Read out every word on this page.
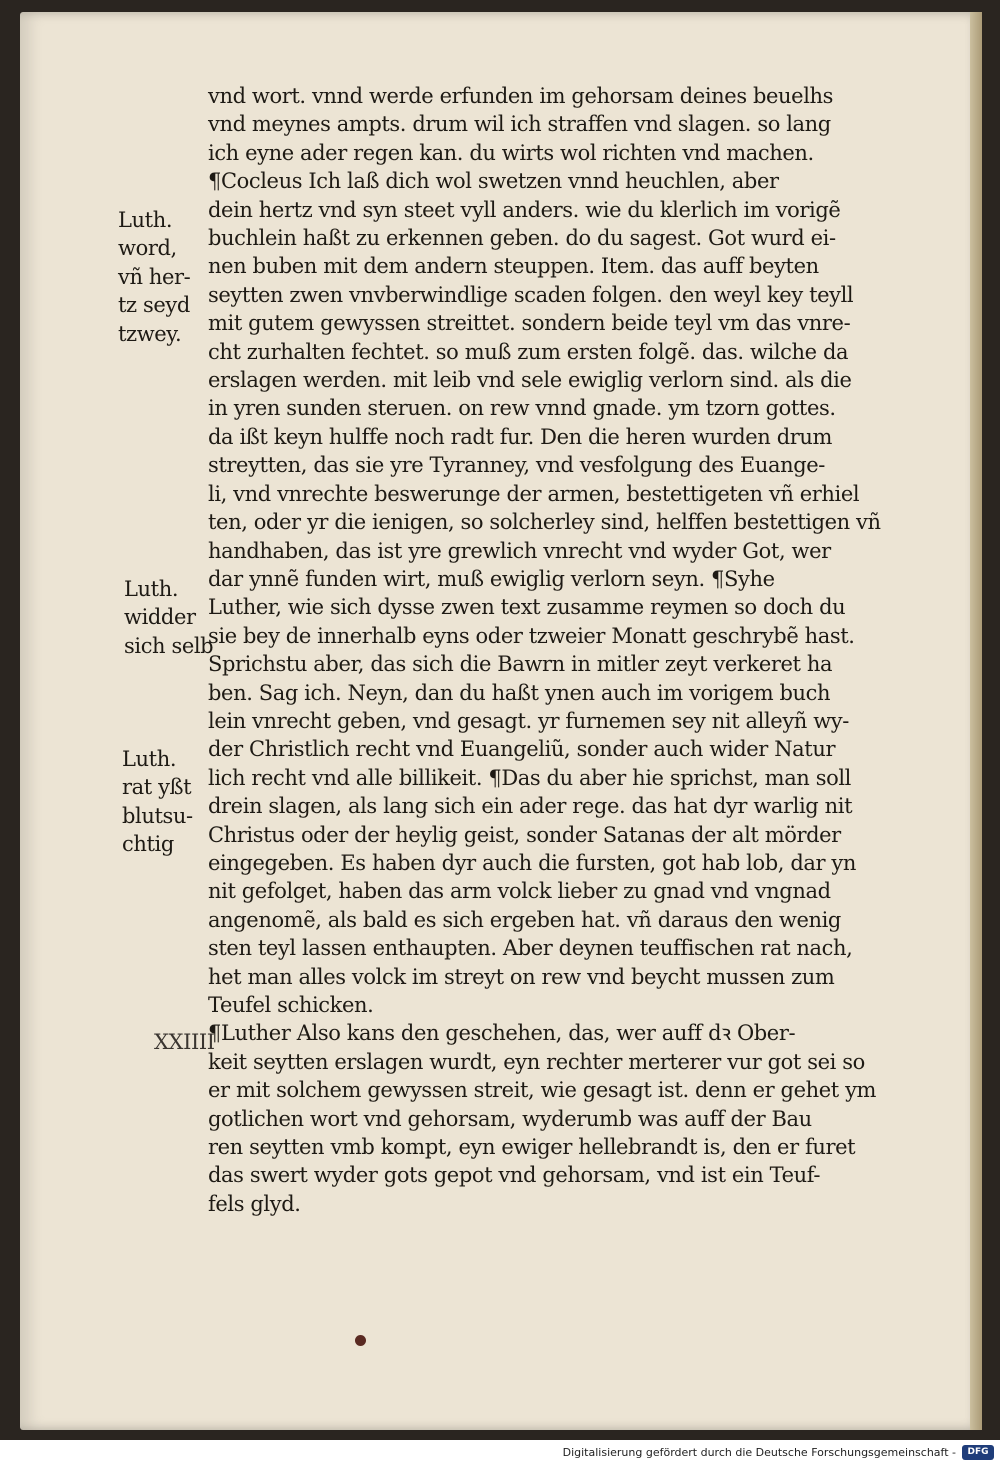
vnd wort. vnnd werde erfunden im gehorsam deines beuelhs
vnd meynes ampts. drum wil ich straffen vnd slagen. so lang
ich eyne ader regen kan. du wirts wol richten vnd machen.
¶Cocleus Ich laß dich wol swetzen vnnd heuchlen, aber
dein hertz vnd syn steet vyll anders. wie du klerlich im vorigẽ
buchlein haßt zu erkennen geben. do du sagest. Got wurd ei-
nen buben mit dem andern steuppen. Item. das auff beyten
seytten zwen vnvberwindlige scaden folgen. den weyl key teyll
mit gutem gewyssen streittet. sondern beide teyl vm das vnre-
cht zurhalten fechtet. so muß zum ersten folgẽ. das. wilche da
erslagen werden. mit leib vnd sele ewiglig verlorn sind. als die
in yren sunden steruen. on rew vnnd gnade. ym tzorn gottes.
da ißt keyn hulffe noch radt fur. Den die heren wurden drum
streytten, das sie yre Tyranney, vnd vesfolgung des Euange-
li, vnd vnrechte beswerunge der armen, bestettigeten vñ erhiel
ten, oder yr die ienigen, so solcherley sind, helffen bestettigen vñ
handhaben, das ist yre grewlich vnrecht vnd wyder Got, wer
dar ynnẽ funden wirt, muß ewiglig verlorn seyn. ¶Syhe
Luther, wie sich dysse zwen text zusamme reymen so doch du
sie bey de innerhalb eyns oder tzweier Monatt geschrybẽ hast.
Sprichstu aber, das sich die Bawrn in mitler zeyt verkeret ha
ben. Sag ich. Neyn, dan du haßt ynen auch im vorigem buch
lein vnrecht geben, vnd gesagt. yr furnemen sey nit alleyñ wy-
der Christlich recht vnd Euangeliũ, sonder auch wider Natur
lich recht vnd alle billikeit. ¶Das du aber hie sprichst, man soll
drein slagen, als lang sich ein ader rege. das hat dyr warlig nit
Christus oder der heylig geist, sonder Satanas der alt mörder
eingegeben. Es haben dyr auch die fursten, got hab lob, dar yn
nit gefolget, haben das arm volck lieber zu gnad vnd vngnad
angenomẽ, als bald es sich ergeben hat. vñ daraus den wenig
sten teyl lassen enthaupten. Aber deynen teuffischen rat nach,
het man alles volck im streyt on rew vnd beycht mussen zum
Teufel schicken.
¶Luther Also kans den geschehen, das, wer auff dꝛ Ober-
keit seytten erslagen wurdt, eyn rechter merterer vur got sei so
er mit solchem gewyssen streit, wie gesagt ist. denn er gehet ym
gotlichen wort vnd gehorsam, wyderumb was auff der Bau
ren seytten vmb kompt, eyn ewiger hellebrandt is, den er furet
das swert wyder gots gepot vnd gehorsam, vnd ist ein Teuf-
fels glyd.
Luth.
word,
vñ her-
tz seyd
tzwey.
Luth.
widder
sich selb
Luth.
rat yßt
blutsu-
chtig
XXIIII
Digitalisierung gefördert durch die Deutsche Forschungsgemeinschaft -	DFG
